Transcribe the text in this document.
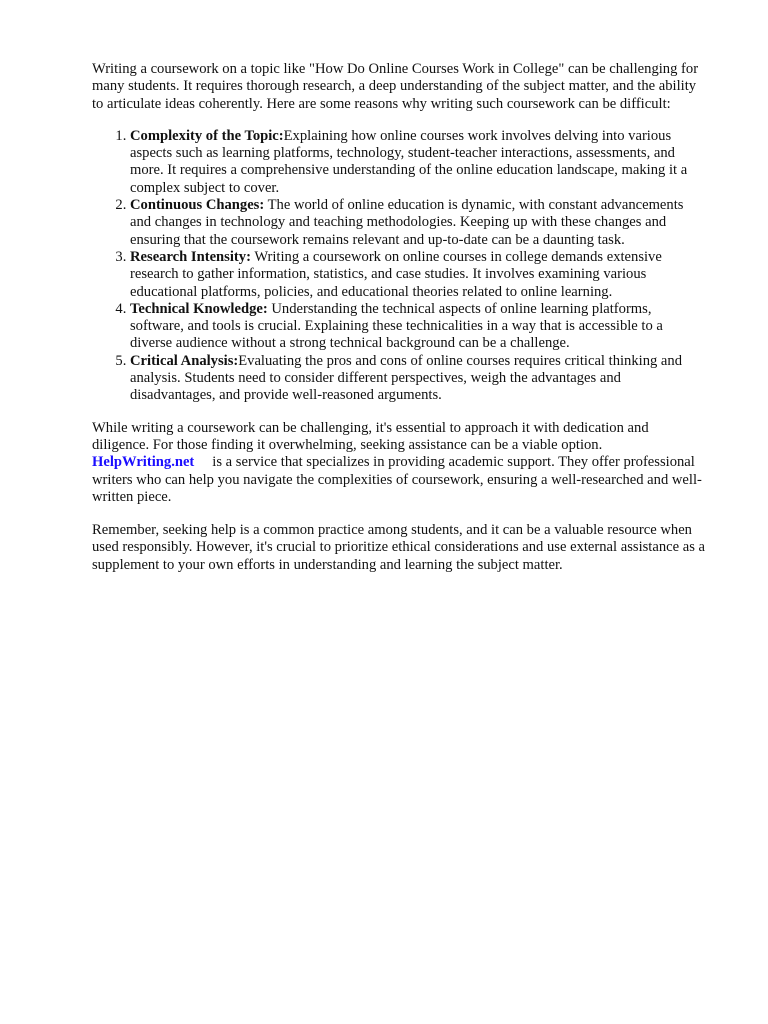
Writing a coursework on a topic like "How Do Online Courses Work in College" can be challenging for many students. It requires thorough research, a deep understanding of the subject matter, and the ability to articulate ideas coherently. Here are some reasons why writing such coursework can be difficult:

1. Complexity of the Topic:Explaining how online courses work involves delving into various aspects such as learning platforms, technology, student-teacher interactions, assessments, and more. It requires a comprehensive understanding of the online education landscape, making it a complex subject to cover.
2. Continuous Changes: The world of online education is dynamic, with constant advancements and changes in technology and teaching methodologies. Keeping up with these changes and ensuring that the coursework remains relevant and up-to-date can be a daunting task.
3. Research Intensity: Writing a coursework on online courses in college demands extensive research to gather information, statistics, and case studies. It involves examining various educational platforms, policies, and educational theories related to online learning.
4. Technical Knowledge: Understanding the technical aspects of online learning platforms, software, and tools is crucial. Explaining these technicalities in a way that is accessible to a diverse audience without a strong technical background can be a challenge.
5. Critical Analysis:Evaluating the pros and cons of online courses requires critical thinking and analysis. Students need to consider different perspectives, weigh the advantages and disadvantages, and provide well-reasoned arguments.

While writing a coursework can be challenging, it's essential to approach it with dedication and diligence. For those finding it overwhelming, seeking assistance can be a viable option. HelpWriting.net is a service that specializes in providing academic support. They offer professional writers who can help you navigate the complexities of coursework, ensuring a well-researched and well-written piece.

Remember, seeking help is a common practice among students, and it can be a valuable resource when used responsibly. However, it's crucial to prioritize ethical considerations and use external assistance as a supplement to your own efforts in understanding and learning the subject matter.
